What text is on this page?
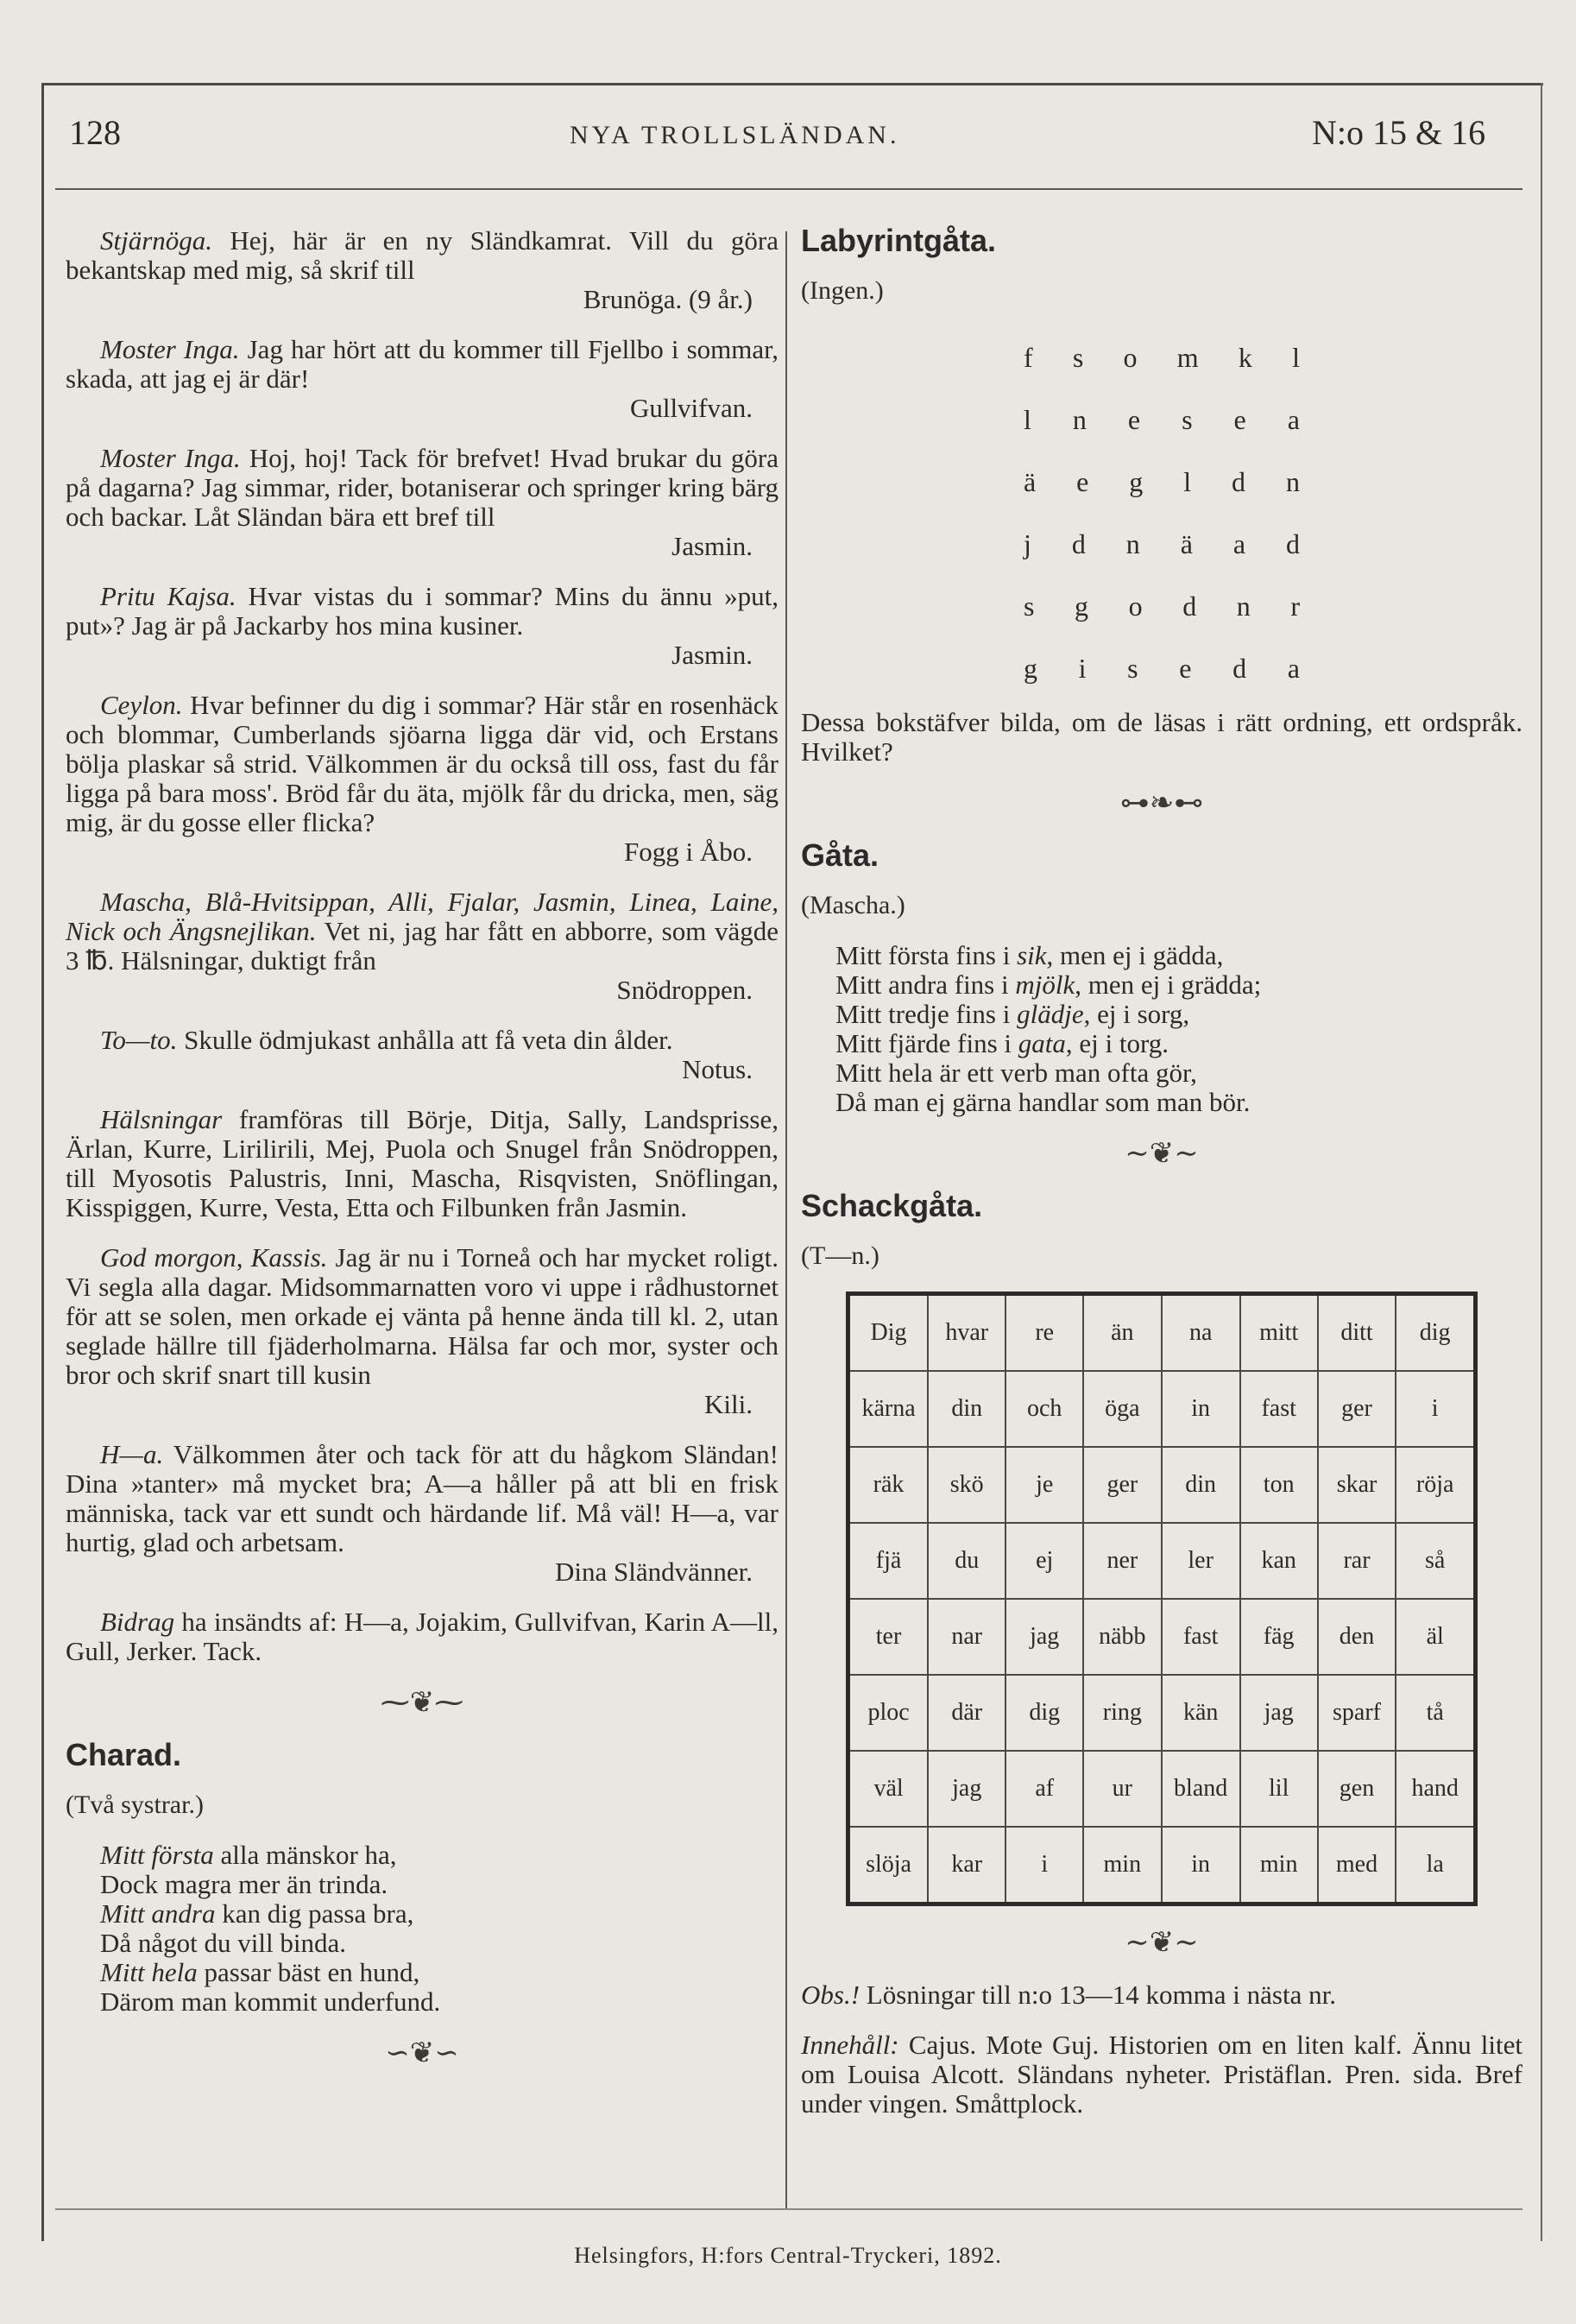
128	NYA TROLLSLÄNDAN.	N:o 15 & 16

Stjärnöga. Hej, här är en ny Sländkamrat. Vill du göra bekantskap med mig, så skrif till
Brunöga. (9 år.)

Moster Inga. Jag har hört att du kommer till Fjellbo i sommar, skada, att jag ej är där!
Gullvifvan.

Moster Inga. Hoj, hoj! Tack för brefvet! Hvad brukar du göra på dagarna? Jag simmar, rider, botaniserar och springer kring bärg och backar. Låt Sländan bära ett bref till
Jasmin.

Pritu Kajsa. Hvar vistas du i sommar? Mins du ännu »put, put»? Jag är på Jackarby hos mina kusiner.
Jasmin.

Ceylon. Hvar befinner du dig i sommar? Här står en rosenhäck och blommar, Cumberlands sjöarna ligga där vid, och Erstans bölja plaskar så strid. Välkommen är du också till oss, fast du får ligga på bara moss'. Bröd får du äta, mjölk får du dricka, men, säg mig, är du gosse eller flicka?
Fogg i Åbo.

Mascha, Blå-Hvitsippan, Alli, Fjalar, Jasmin, Linea, Laine, Nick och Ängsnejlikan. Vet ni, jag har fått en abborre, som vägde 3 ℔. Hälsningar, duktigt från
Snödroppen.

To—to. Skulle ödmjukast anhålla att få veta din ålder.
Notus.

Hälsningar framföras till Börje, Ditja, Sally, Landsprisse, Ärlan, Kurre, Lirilirili, Mej, Puola och Snugel från Snödroppen, till Myosotis Palustris, Inni, Mascha, Risqvisten, Snöflingan, Kisspiggen, Kurre, Vesta, Etta och Filbunken från Jasmin.

God morgon, Kassis. Jag är nu i Torneå och har mycket roligt. Vi segla alla dagar. Midsommarnatten voro vi uppe i rådhustornet för att se solen, men orkade ej vänta på henne ända till kl. 2, utan seglade hällre till fjäderholmarna. Hälsa far och mor, syster och bror och skrif snart till kusin
Kili.

H—a. Välkommen åter och tack för att du hågkom Sländan! Dina »tanter» må mycket bra; A—a håller på att bli en frisk människa, tack var ett sundt och härdande lif. Må väl! H—a, var hurtig, glad och arbetsam.
Dina Sländvänner.

Bidrag ha insändts af: H—a, Jojakim, Gullvifvan, Karin A—ll, Gull, Jerker. Tack.

⁓❦⁓

Charad.

(Två systrar.)

Mitt första alla mänskor ha,
Dock magra mer än trinda.
Mitt andra kan dig passa bra,
Då något du vill binda.
Mitt hela passar bäst en hund,
Därom man kommit underfund.
∽❦∽

Labyrintgåta.

(Ingen.)

f s o m k l
l n e s e a
ä e g l d n
j d n ä a d
s g o d n r
g i s e d a

Dessa bokstäfver bilda, om de läsas i rätt ordning, ett ordspråk. Hvilket?

⊶❧⊷

Gåta.

(Mascha.)

Mitt första fins i sik, men ej i gädda,
Mitt andra fins i mjölk, men ej i grädda;
Mitt tredje fins i glädje, ej i sorg,
Mitt fjärde fins i gata, ej i torg.
Mitt hela är ett verb man ofta gör,
Då man ej gärna handlar som man bör.
∼❦∼

Schackgåta.

(T—n.)

Dig	hvar	re	än	na	mitt	ditt	dig
kärna	din	och	öga	in	fast	ger	i
räk	skö	je	ger	din	ton	skar	röja
fjä	du	ej	ner	ler	kan	rar	så
ter	nar	jag	näbb	fast	fäg	den	äl
ploc	där	dig	ring	kän	jag	sparf	tå
väl	jag	af	ur	bland	lil	gen	hand
slöja	kar	i	min	in	min	med	la
∼❦∼

Obs.! Lösningar till n:o 13—14 komma i nästa nr.

Innehåll: Cajus. Mote Guj. Historien om en liten kalf. Ännu litet om Louisa Alcott. Sländans nyheter. Pristäflan. Pren. sida. Bref under vingen. Småttplock.

Helsingfors, H:fors Central-Tryckeri, 1892.
